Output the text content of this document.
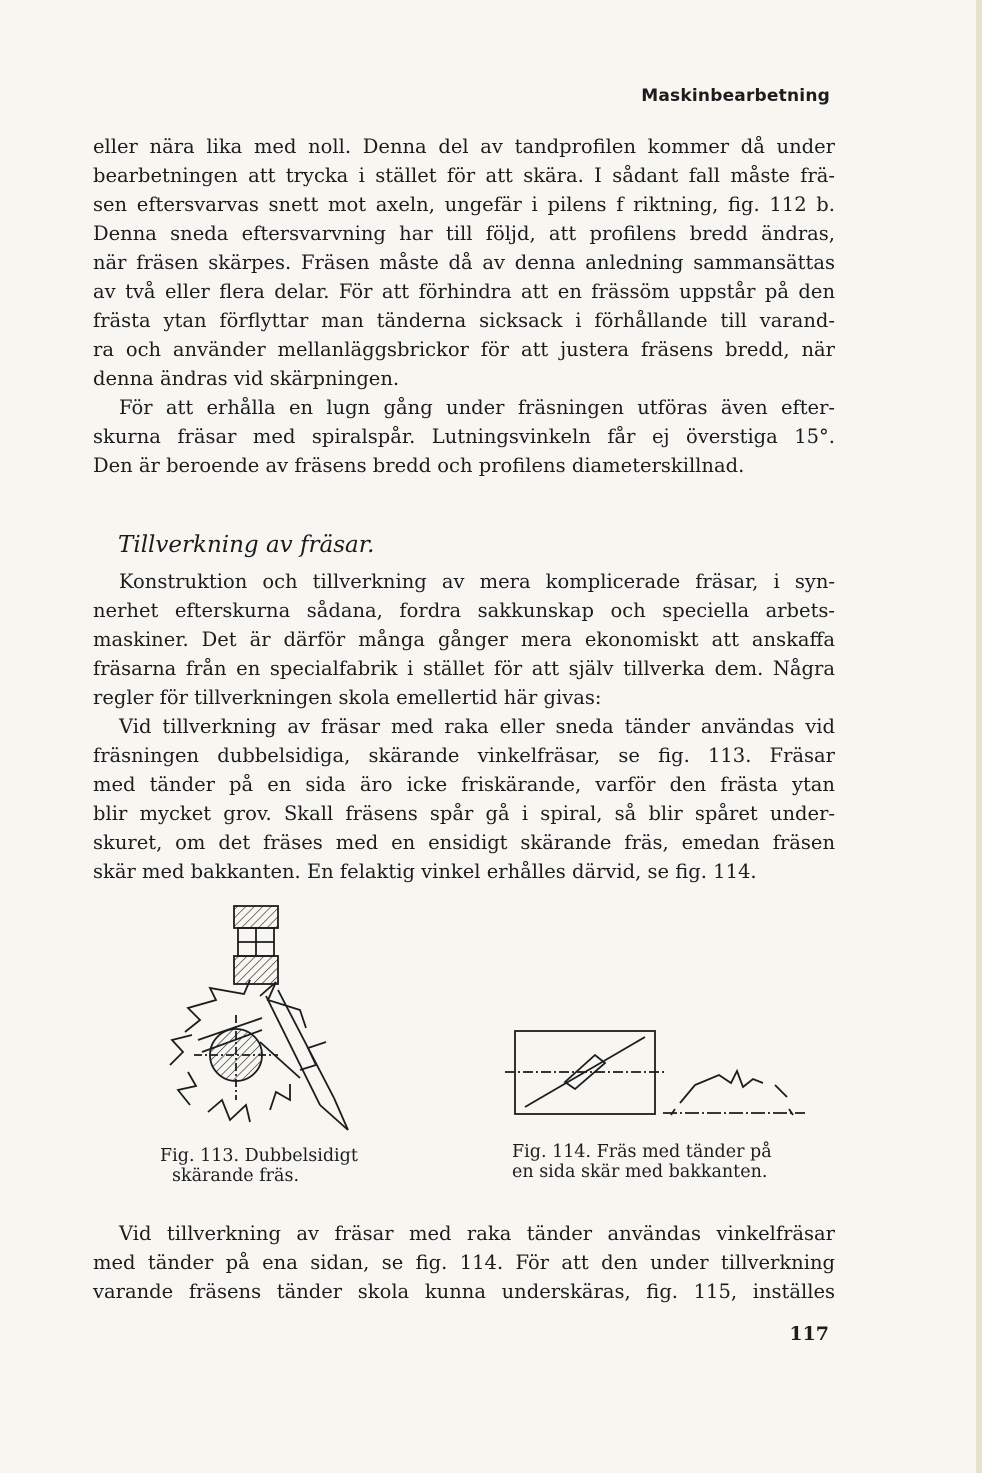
Maskinbearbetning

eller nära lika med noll. Denna del av tandprofilen kommer då under

bearbetningen att trycka i stället för att skära. I sådant fall måste frä-

sen eftersvarvas snett mot axeln, ungefär i pilens f riktning, fig. 112 b.

Denna sneda eftersvarvning har till följd, att profilens bredd ändras,

när fräsen skärpes. Fräsen måste då av denna anledning sammansättas

av två eller flera delar. För att förhindra att en frässöm uppstår på den

frästa ytan förflyttar man tänderna sicksack i förhållande till varand-

ra och använder mellanläggsbrickor för att justera fräsens bredd, när

denna ändras vid skärpningen.

För att erhålla en lugn gång under fräsningen utföras även efter-

skurna fräsar med spiralspår. Lutningsvinkeln får ej överstiga 15°.

Den är beroende av fräsens bredd och profilens diameterskillnad.

Tillverkning av fräsar.

Konstruktion och tillverkning av mera komplicerade fräsar, i syn-

nerhet efterskurna sådana, fordra sakkunskap och speciella arbets-

maskiner. Det är därför många gånger mera ekonomiskt att anskaffa

fräsarna från en specialfabrik i stället för att själv tillverka dem. Några

regler för tillverkningen skola emellertid här givas:

Vid tillverkning av fräsar med raka eller sneda tänder användas vid

fräsningen dubbelsidiga, skärande vinkelfräsar, se fig. 113. Fräsar

med tänder på en sida äro icke friskärande, varför den frästa ytan

blir mycket grov. Skall fräsens spår gå i spiral, så blir spåret under-

skuret, om det fräses med en ensidigt skärande fräs, emedan fräsen

skär med bakkanten. En felaktig vinkel erhålles därvid, se fig. 114.

Fig. 113. Dubbelsidigt
skärande fräs.
Fig. 114. Fräs med tänder på
en sida skär med bakkanten.

Vid tillverkning av fräsar med raka tänder användas vinkelfräsar

med tänder på ena sidan, se fig. 114. För att den under tillverkning

varande fräsens tänder skola kunna underskäras, fig. 115, inställes

117
